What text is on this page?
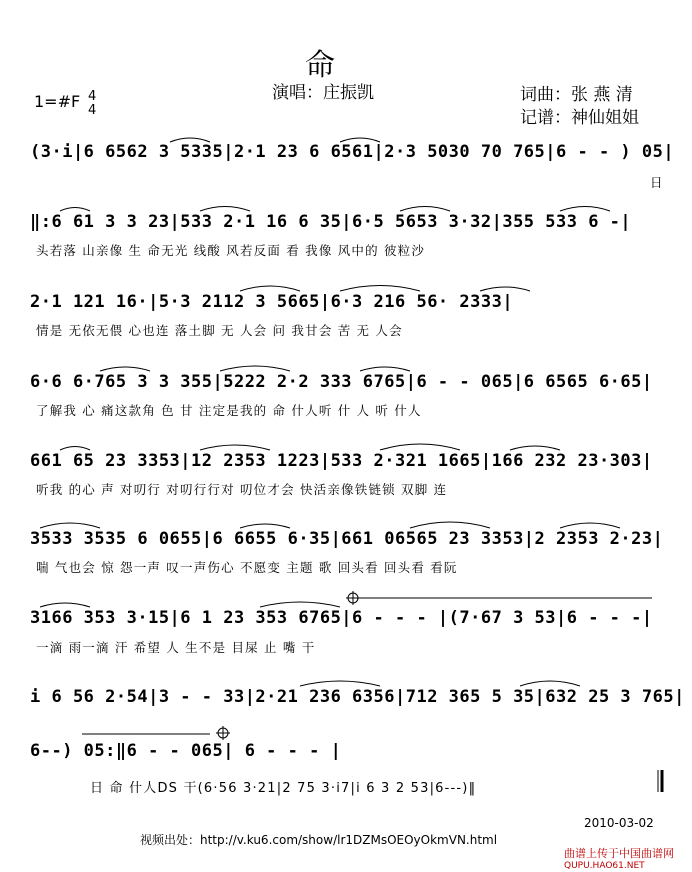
命
1=#F 4
4
演唱：庄振凯	词曲：张 燕 清
记谱：神仙姐姐
(3·i|6 6562 3 5335|2·1 23 6 6561|2·3 5030 70 765|6 - - ) 05|
日
‖:6 61 3 3 23|533 2·1 16 6 35|6·5 5653 3·32|355 533 6 -|
头若落 山亲像 生 命无光 线酸 风若反面 看 我像 风中的 彼粒沙
2·1 121 16·|5·3 2112 3 5665|6·3 216 56· 2333|
情是 无依无偎 心也连 落土脚 无 人会 问 我甘会 苦 无 人会
6·6 6·765 3 3 355|5222 2·2 333 6765|6 - - 065|6 6565 6·65|
了解我 心 痛这款角 色 甘 注定是我的 命 什人听 什 人 听 什人
661 65 23 3353|12 2353 1223|533 2·321 1665|166 232 23·303|
听我 的心 声 对叨行 对叨行行对 叨位才会 快活亲像铁链锁 双脚 连
3533 3535 6 0655|6 6655 6·35|661 06565 23 3353|2 2353 2·23|
喘 气也会 惊 怨一声 叹一声伤心 不愿变 主题 歌 回头看 回头看 看阮
3166 353 3·15|6 1 23 353 6765|6 - - - |(7·67 3 53|6 - - -|
一滴 雨一滴 汗 希望 人 生不是 目屎 止 嘴 干
i 6 56 2·54|3 - - 33|2·21 236 6356|712 365 5 35|632 25 3 765|
6--) 05:‖6 - - 065| 6 - - - |
日 命 什人DS 干(6·56 3·21|2 75 3·i7|i 6 3 2 53|6---)‖
2010-03-02
视频出处：http://v.ku6.com/show/lr1DZMsOEOyOkmVN.html
曲谱上传于中国曲谱网
QUPU.HAO61.NET
